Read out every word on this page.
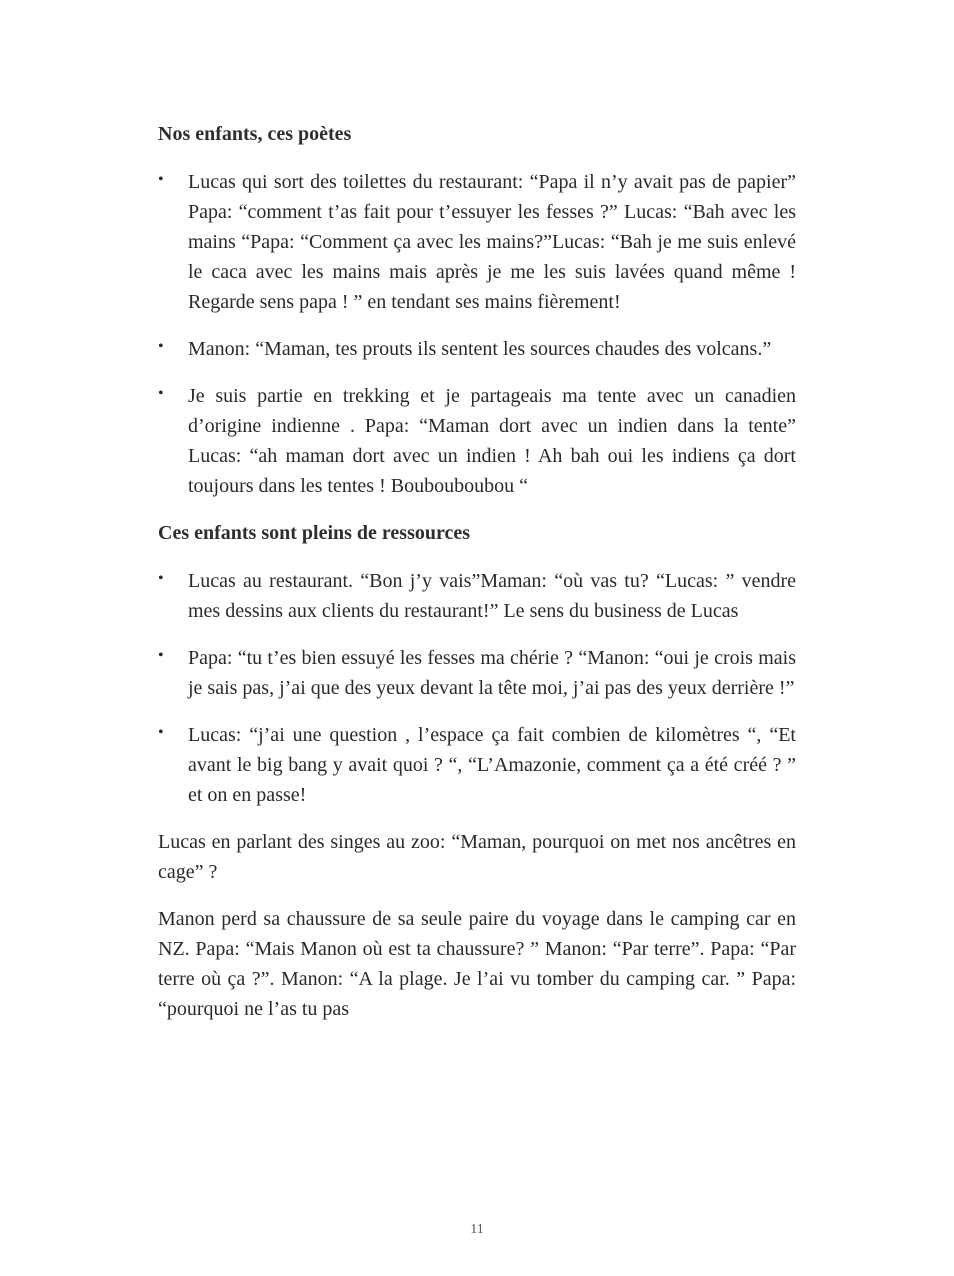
Nos enfants, ces poètes
• Lucas qui sort des toilettes du restaurant: “Papa il n’y avait pas de papier” Papa: “comment t’as fait pour t’essuyer les fesses ?” Lucas: “Bah avec les mains “Papa: “Comment ça avec les mains?”Lucas: “Bah je me suis enlevé le caca avec les mains mais après je me les suis lavées quand même ! Regarde sens papa ! ” en tendant ses mains fièrement!
• Manon: “Maman, tes prouts ils sentent les sources chaudes des volcans.”
• Je suis partie en trekking et je partageais ma tente avec un canadien d’origine indienne . Papa: “Maman dort avec un indien dans la tente” Lucas: “ah maman dort avec un indien ! Ah bah oui les indiens ça dort toujours dans les tentes ! Boubouboubou “
Ces enfants sont pleins de ressources
• Lucas au restaurant. “Bon j’y vais”Maman: “où vas tu? “Lucas: ” vendre mes dessins aux clients du restaurant!” Le sens du business de Lucas
• Papa: “tu t’es bien essuyé les fesses ma chérie ? “Manon: “oui je crois mais je sais pas, j’ai que des yeux devant la tête moi, j’ai pas des yeux derrière !”
• Lucas: “j’ai une question , l’espace ça fait combien de kilomètres “, “Et avant le big bang y avait quoi ? “, “L’Amazonie, comment ça a été créé ? ” et on en passe!

Lucas en parlant des singes au zoo: “Maman, pourquoi on met nos ancêtres en cage” ?

Manon perd sa chaussure de sa seule paire du voyage dans le camping car en NZ. Papa: “Mais Manon où est ta chaussure? ” Manon: “Par terre”. Papa: “Par terre où ça ?”. Manon: “A la plage. Je l’ai vu tomber du camping car. ” Papa: “pourquoi ne l’as tu pas

11
